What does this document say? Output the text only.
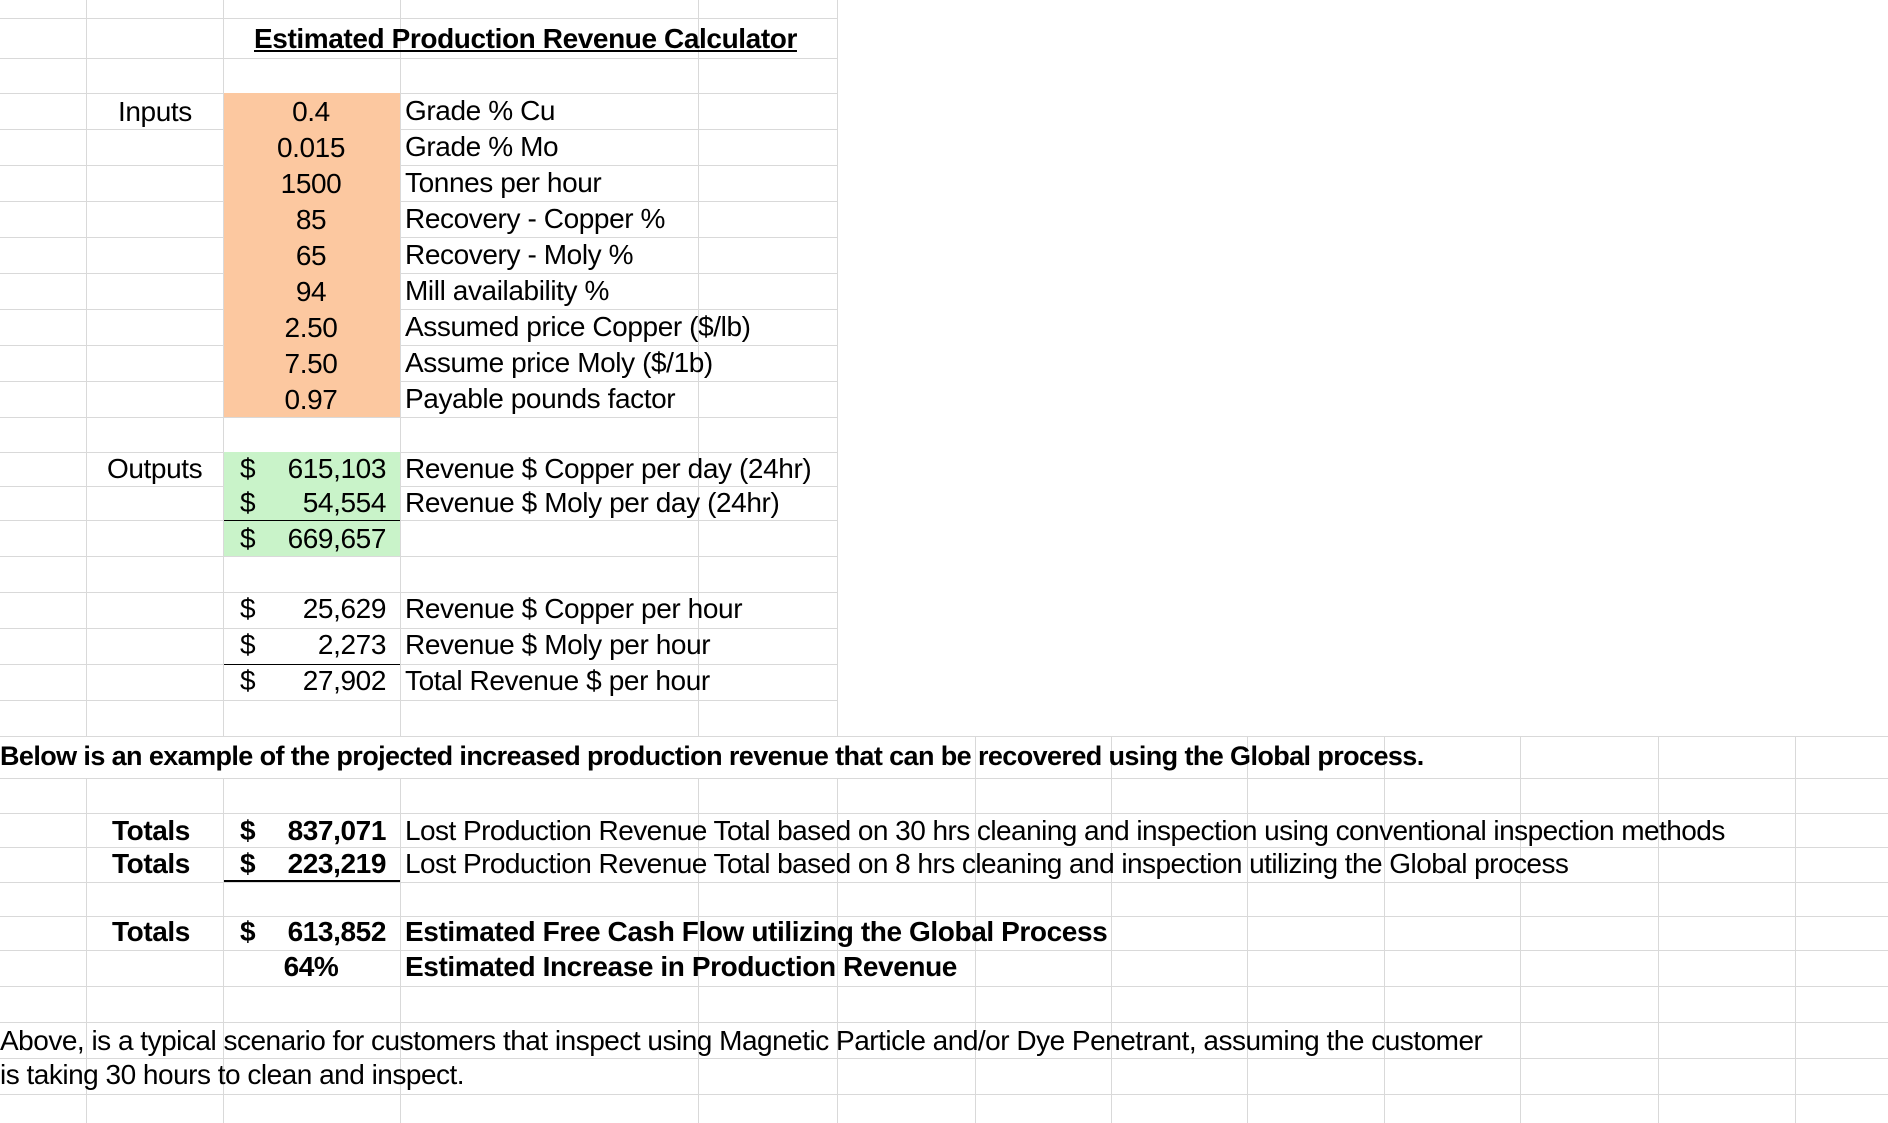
Estimated Production Revenue Calculator
Inputs	0.4	Grade % Cu
0.015	Grade % Mo
1500	Tonnes per hour
85	Recovery - Copper %
65	Recovery - Moly %
94	Mill availability %
2.50	Assumed price Copper ($/lb)
7.50	Assume price Moly ($/1b)
0.97	Payable pounds factor
Outputs $	615,103 Revenue $ Copper per day (24hr)
$	54,554 Revenue $ Moly per day (24hr)
$	669,657
$	25,629 Revenue $ Copper per hour
$	2,273 Revenue $ Moly per hour
$	27,902 Total Revenue $ per hour
Below is an example of the projected increased production revenue that can be recovered using the Global process.
Totals $	837,071 Lost Production Revenue Total based on 30 hrs cleaning and inspection using conventional inspection methods
Totals $	223,219 Lost Production Revenue Total based on 8 hrs cleaning and inspection utilizing the Global process
Totals $	613,852 Estimated Free Cash Flow utilizing the Global Process
64%	Estimated Increase in Production Revenue
Above, is a typical scenario for customers that inspect using Magnetic Particle and/or Dye Penetrant, assuming the customer
is taking 30 hours to clean and inspect.
